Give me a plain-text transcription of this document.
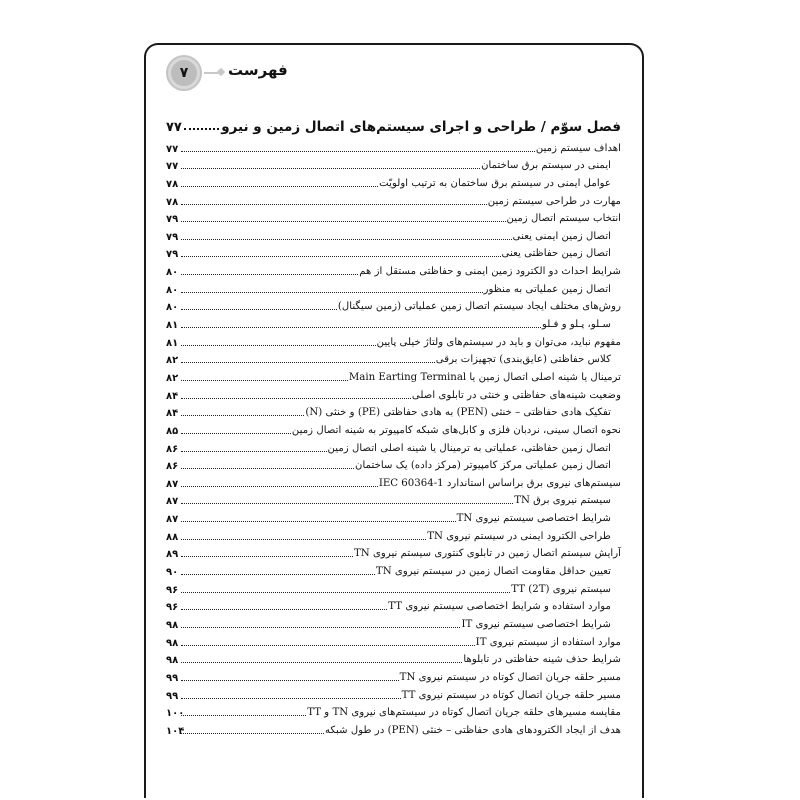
۷	فهرست
فصل سوّم / طراحی و اجرای سیستم‌های اتصال زمین و نیرو
۷۷
اهداف سیستم زمین
۷۷
ایمنی در سیستم برق ساختمان
۷۷
عوامل ایمنی در سیستم برق ساختمان به ترتیب اولویّت
۷۸
مهارت در طراحی سیستم زمین
۷۸
انتخاب سیستم اتصال زمین
۷۹
اتصال زمین ایمنی یعنی
۷۹
اتصال زمین حفاظتی یعنی
۷۹
شرایط احداث دو الکترود زمین ایمنی و حفاظتی مستقل از هم
۸۰
اتصال زمین عملیاتی به منظور
۸۰
روش‌های مختلف ایجاد سیستم اتصال زمین عملیاتی (زمین سیگنال)
۸۰
سـلو، پـلو و فـلو
۸۱
مفهوم نباید، می‌توان و باید در سیستم‌های ولتاژ خیلی پایین
۸۱
کلاس حفاظتی (عایق‌بندی) تجهیزات برقی
۸۲
ترمینال یا شینه اصلی اتصال زمین یا Main Earting Terminal
۸۲
وضعیت شینه‌های حفاظتی و خنثی در تابلوی اصلی
۸۴
تفکیک هادی حفاظتی – خنثی (PEN) به هادی حفاظتی (PE) و خنثی (N)
۸۴
نحوه اتصال سینی، نردبان فلزی و کابل‌های شبکه کامپیوتر به شینه اتصال زمین
۸۵
اتصال زمین حفاظتی، عملیاتی به ترمینال یا شینه اصلی اتصال زمین
۸۶
اتصال زمین عملیاتی مرکز کامپیوتر (مرکز داده) یک ساختمان
۸۶
سیستم‌های نیروی برق براساس استاندارد IEC 60364-1
۸۷
سیستم نیروی برق TN
۸۷
شرایط اختصاصی سیستم نیروی TN
۸۷
طراحی الکترود ایمنی در سیستم نیروی TN
۸۸
آرایش سیستم اتصال زمین در تابلوی کنتوری سیستم نیروی TN
۸۹
تعیین حداقل مقاومت اتصال زمین در سیستم نیروی TN
۹۰
سیستم نیروی TT (2T)
۹۶
موارد استفاده و شرایط اختصاصی سیستم نیروی TT
۹۶
شرایط اختصاصی سیستم نیروی IT
۹۸
موارد استفاده از سیستم نیروی IT
۹۸
شرایط حذف شینه حفاظتی در تابلوها
۹۸
مسیر حلقه جریان اتصال کوتاه در سیستم نیروی TN
۹۹
مسیر حلقه جریان اتصال کوتاه در سیستم نیروی TT
۹۹
مقایسه مسیرهای حلقه جریان اتصال کوتاه در سیستم‌های نیروی TN و TT
۱۰۰
هدف از ایجاد الکترودهای هادی حفاظتی – خنثی (PEN) در طول شبکه
۱۰۴
